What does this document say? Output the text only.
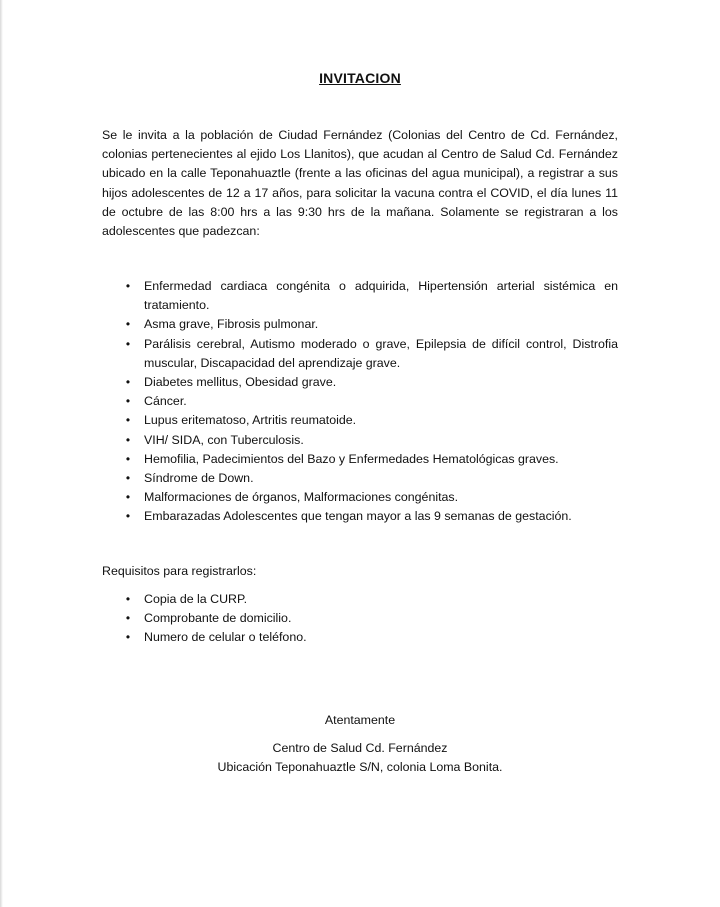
INVITACION

Se le invita a la población de Ciudad Fernández (Colonias del Centro de Cd. Fernández, colonias pertenecientes al ejido Los Llanitos), que acudan al Centro de Salud Cd. Fernández ubicado en la calle Teponahuaztle (frente a las oficinas del agua municipal), a registrar a sus hijos adolescentes de 12 a 17 años, para solicitar la vacuna contra el COVID, el día lunes 11 de octubre de las 8:00 hrs a las 9:30 hrs de la mañana. Solamente se registraran a los adolescentes que padezcan:

•	Enfermedad cardiaca congénita o adquirida, Hipertensión arterial sistémica en tratamiento.
•	Asma grave, Fibrosis pulmonar.
•	Parálisis cerebral, Autismo moderado o grave, Epilepsia de difícil control, Distrofia muscular, Discapacidad del aprendizaje grave.
•	Diabetes mellitus, Obesidad grave.
•	Cáncer.
•	Lupus eritematoso, Artritis reumatoide.
•	VIH/ SIDA, con Tuberculosis.
•	Hemofilia, Padecimientos del Bazo y Enfermedades Hematológicas graves.
•	Síndrome de Down.
•	Malformaciones de órganos, Malformaciones congénitas.
•	Embarazadas Adolescentes que tengan mayor a las 9 semanas de gestación.

Requisitos para registrarlos:

•	Copia de la CURP.
•	Comprobante de domicilio.
•	Numero de celular o teléfono.
Atentamente
Centro de Salud Cd. Fernández
Ubicación Teponahuaztle S/N, colonia Loma Bonita.
